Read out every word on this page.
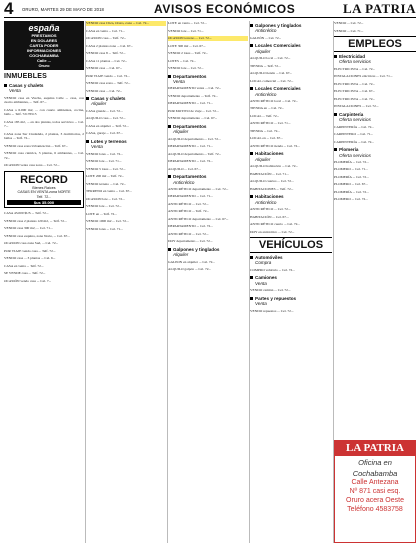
4 ORURO, MARTES 29 DE MAYO DE 2018	AVISOS ECONÓMICOS	LA PATRIA
españa
PRESTAMOS
EN DOLARES
CARTA PODER
INFORMACIONES
COCHABAMBA
Calle ...
Oruro
INMUEBLES
Casas y chalets
Venta
VENDO casa en Viacha, esquina Calle ... casa, con cuatro ambientes, ... Telf. 67...
CASA a 6.000 m2, ... con cuarto ambientes, cocina, baño ... Telf. 72176515
CASA 185 m2, ... en dos plantas, todos servicios ... Cel. 7...
CASA zona Sur Ciudadela, 2 plantas, 3 dormitorios, 2 baños ... Telf. 72...
VENDO casa zona Urbanización ... Telf. 67...
VENDO casa céntrica, 3 plantas, 6 ambientes, ... Cel. 72...
OCASION venta casa zona ... Cel. 72...
RECORD
Bienes Raíces
CASAS EN VENTA zona NORTE
Telf. 72...
$us 35.000
CASA 43.000 $US ... Telf. 72...
VENDO casa 2 plantas 120 m2, ... Telf. 72...
VENDO casa 300 m2, ... Cel. 71...
VENDO casa esquina, zona Norte, ... Cel. 67...
OCASION casa zona Sud, ... Cel. 72...
POR VIAJE vendo casa ... Telf. 72...
VENDO casa ... 3 plantas ... Cel. 6...
CASA en venta ... Telf. 72...
SE VENDE casa ... Telf. 72...
OCASIÓN vendo casa ... Cel. 7...
VENDO casa Cliza, Oruro, zona ... Cel. 72...
CASA en venta ... Cel. 71...
OCASION casa ... Telf. 72...
CASA 2 plantas zona ... Cel. 67...
VENDO casa 8 ... Telf. 72...
CASA 11 plantas ... Cel. 72...
VENDO casa ... Cel. 67...
POR VIAJE vendo ... Cel. 72...
VENDO casa zona ... Telf. 72...
VENDO casa ... Cel. 72...
Casas y chalets
Alquiler
CASA grande ... Cel. 72...
ALQUILO casa ... Cel. 72...
CASA en alquiler ... Telf. 72...
CASA, garaje ... Cel. 67...
Lotes y terrenos
Venta
VENDO lotes ... Cel. 72...
VENDO lote ... Cel. 71...
VENDO 5 lotes ... Cel. 72...
LOTE 200 m2 ... Telf. 72...
VENDO terreno ... Cel. 72...
TERRENO en venta ... Cel. 67...
OCASION lote ... Cel. 72...
VENDO lote ... Cel. 72...
LOTE en ... Telf. 72...
VENDO 1000 m2 ... Cel. 72...
VENDO lotes ... Cel. 71...
LOTE en venta ... Cel. 72...
VENDO lote ... Cel. 71...
OCASION terreno ... Cel. 72...
LOTE 300 m2 ... Cel. 67...
VENDO 2 lotes ... Telf. 72...
LOTES ... Cel. 72...
VENDO lote ... Cel. 72...
Departamentos
Venta
DEPARTAMENTO venta ... Cel. 72...
VENDO departamento ... Telf. 72...
DEPARTAMENTO ... Cel. 71...
POR MOTIVO de viaje ... Cel. 72...
VENDO departamento ... Cel. 67...
Departamentos
Alquiler
ALQUILO departamento ... Cel. 72...
DEPARTAMENTO ... Cel. 71...
ALQUILO departamento ... Telf. 72...
DEPARTAMENTO ... Cel. 72...
ALQUILO ... Cel. 67...
Departamentos
Anticrético
ANTICRÉTICO departamento ... Cel. 72...
DEPARTAMENTO ... Cel. 71...
ANTICRÉTICO ... Cel. 72...
ANTICRÉTICO ... Telf. 72...
ANTICRÉTICO departamento ... Cel. 67...
DEPARTAMENTO ... Cel. 72...
ANTICRÉTICO ... Cel. 72...
DOY departamento ... Cel. 72...
Galpones y tinglados
Alquiler
GALPON en alquiler ... Cel. 72...
ALQUILO galpón ... Cel. 72...
Galpones y tinglados
Anticrético
GALPÓN ... Cel. 72...
Locales Comerciales
Alquiler
ALQUILO local ... Cel. 72...
TIENDA ... Telf. 72...
ALQUILO tienda ... Cel. 67...
LOCAL comercial ... Cel. 72...
Locales Comerciales
Anticrético
ANTICRÉTICO local ... Cel. 72...
TIENDA en ... Cel. 72...
LOCAL ... Telf. 72...
ANTICRÉTICO ... Cel. 71...
TIENDA ... Cel. 72...
LOCAL en ... Cel. 67...
ANTICRÉTICO tienda ... Cel. 72...
Habitaciones
Alquiler
ALQUILO habitación ... Cel. 72...
HABITACIÓN ... Cel. 71...
ALQUILO cuartos ... Cel. 72...
HABITACIONES ... Telf. 72...
Habitaciones
Anticrético
ANTICRÉTICO ... Cel. 72...
HABITACIÓN ... Cel. 67...
ANTICRÉTICO cuarto ... Cel. 72...
DOY en anticrético ... Cel. 72...
VEHÍCULOS
Automóviles
Compra
COMPRO vehículo ... Cel. 72...
Camiones
Venta
VENDO camión ... Cel. 72...
Partes y repuestos
Venta
VENDO repuestos ... Cel. 72...
VENDO ... Cel. 72...
VENDO ... Cel. 71...
EMPLEOS
Electricidad
Oferta servicios
ELECTRICISTA ... Cel. 72...
INSTALACIONES eléctricas ... Cel. 71...
ELECTRICISTA ... Cel. 72...
ELECTRICISTA ... Cel. 67...
ELECTRICISTA ... Cel. 72...
INSTALACIONES ... Cel. 72...
Carpintería
Oferta servicios
CARPINTERÍA ... Cel. 72...
CARPINTERO ... Cel. 71...
CARPINTERÍA ... Cel. 72...
Plomería
Oferta servicios
PLOMERÍA ... Cel. 72...
PLOMERO ... Cel. 71...
PLOMERÍA ... Cel. 72...
PLOMERO ... Cel. 67...
PLOMERÍA ... Cel. 72...
PLOMERO ... Cel. 72...
LA PATRIA
Oficina en
Cochabamba
Calle Antezana
Nº 871 casi esq.
Oruro acera Oeste
Teléfono 4583758
